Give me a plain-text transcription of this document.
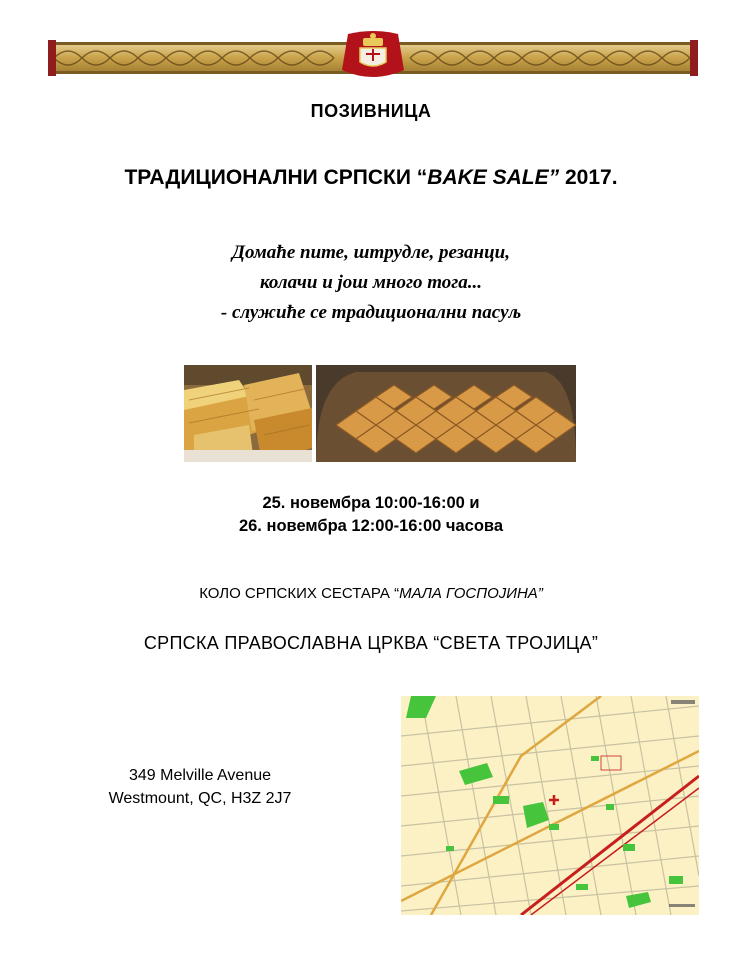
ПОЗИВНИЦА
ТРАДИЦИОНАЛНИ СРПСКИ “BAKE SALE” 2017.
Домаће пите, штрудле, резанци,
колачи и још много тога...
- служиће се традиционални пасуљ
25. новембра 10:00-16:00 и
26. новембра 12:00-16:00 часова
КОЛО СРПСКИХ СЕСТАРА “МАЛА ГОСПОЈИНА”
СРПСКА ПРАВОСЛАВНА ЦРКВА “СВЕТА ТРОЈИЦА”
349 Melville Avenue
Westmount, QC, H3Z 2J7
